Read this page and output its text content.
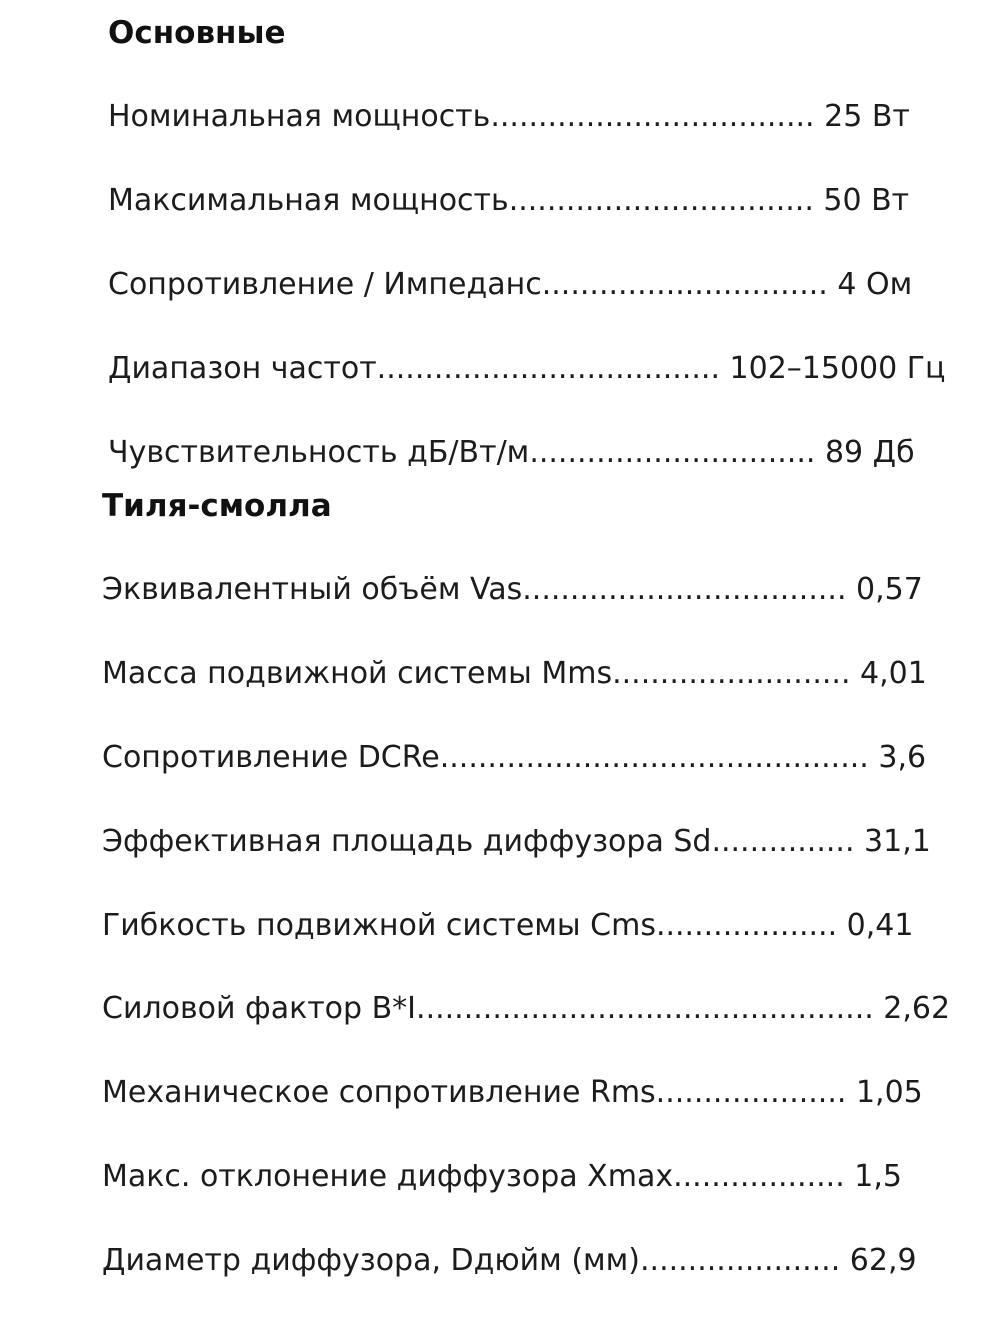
Основные

Номинальная мощность.................................. 25 Вт

Максимальная мощность................................ 50 Вт

Сопротивление / Импеданс.............................. 4 Ом

Диапазон частот.................................... 102–15000 Гц

Чувствительность дБ/Вт/м.............................. 89 Дб

Тиля-смолла

Эквивалентный объём Vas.................................. 0,57

Масса подвижной системы Mms......................... 4,01

Сопротивление DCRe............................................. 3,6

Эффективная площадь диффузора Sd............... 31,1

Гибкость подвижной системы Cms................... 0,41

Силовой фактор B*I................................................ 2,62

Механическое сопротивление Rms.................... 1,05

Макс. отклонение диффузора Xmax.................. 1,5

Диаметр диффузора, Dдюйм (мм)..................... 62,9
